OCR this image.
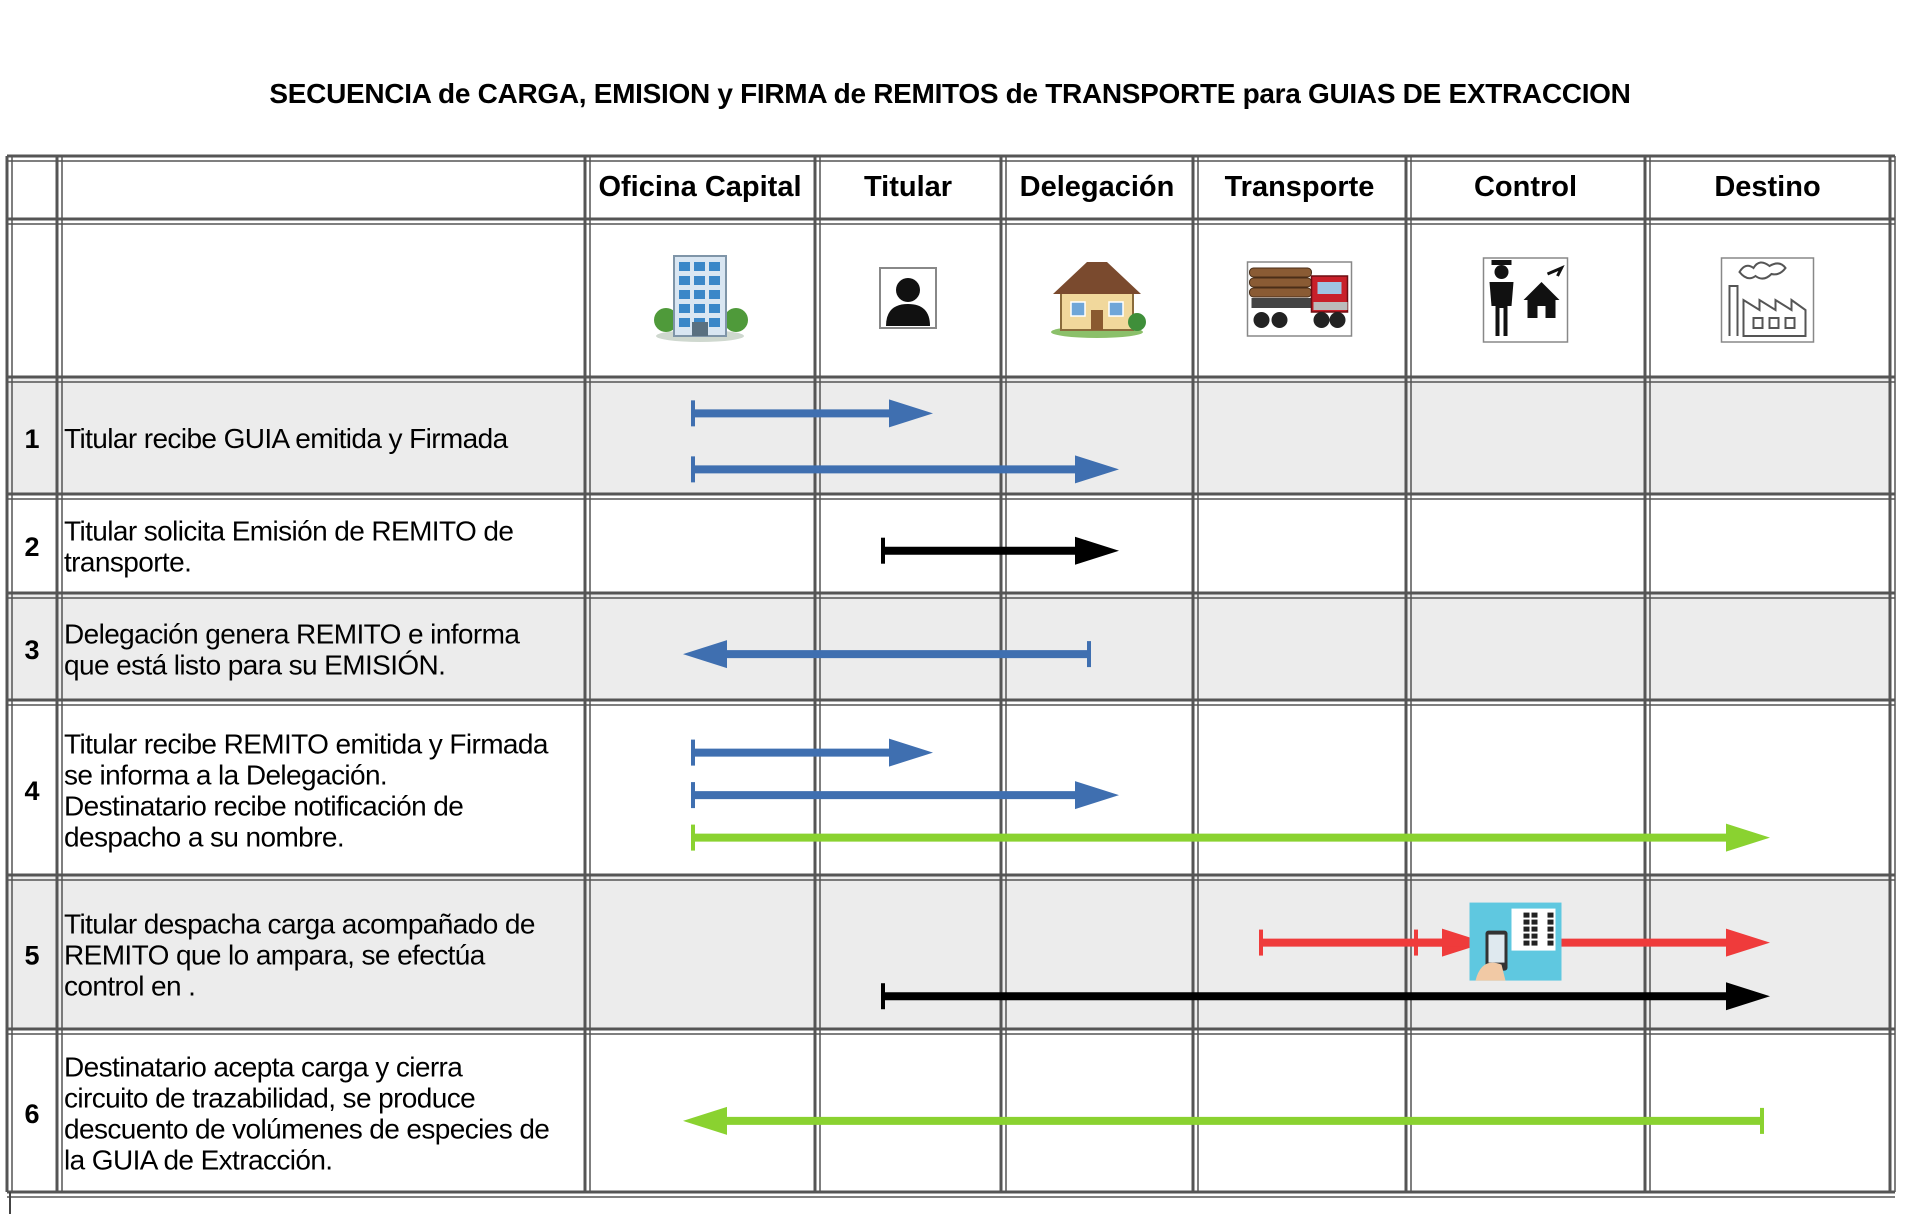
SECUENCIA de CARGA, EMISION y FIRMA de REMITOS de TRANSPORTE para GUIAS DE EXTRACCION
Oficina Capital Titular Delegación Transporte	Control	Destino
1
2
3
4
5
6
Titular recibe GUIA emitida y Firmada
Titular solicita Emisión de REMITO de
transporte.
Delegación genera REMITO e informa
que está listo para su EMISIÓN.
Titular recibe REMITO emitida y Firmada
se informa a la Delegación.
Destinatario recibe notificación de
despacho a su nombre.
Titular despacha carga acompañado de
REMITO que lo ampara, se efectúa
control en .
Destinatario acepta carga y cierra
circuito de trazabilidad, se produce
descuento de volúmenes de especies de
la GUIA de Extracción.
